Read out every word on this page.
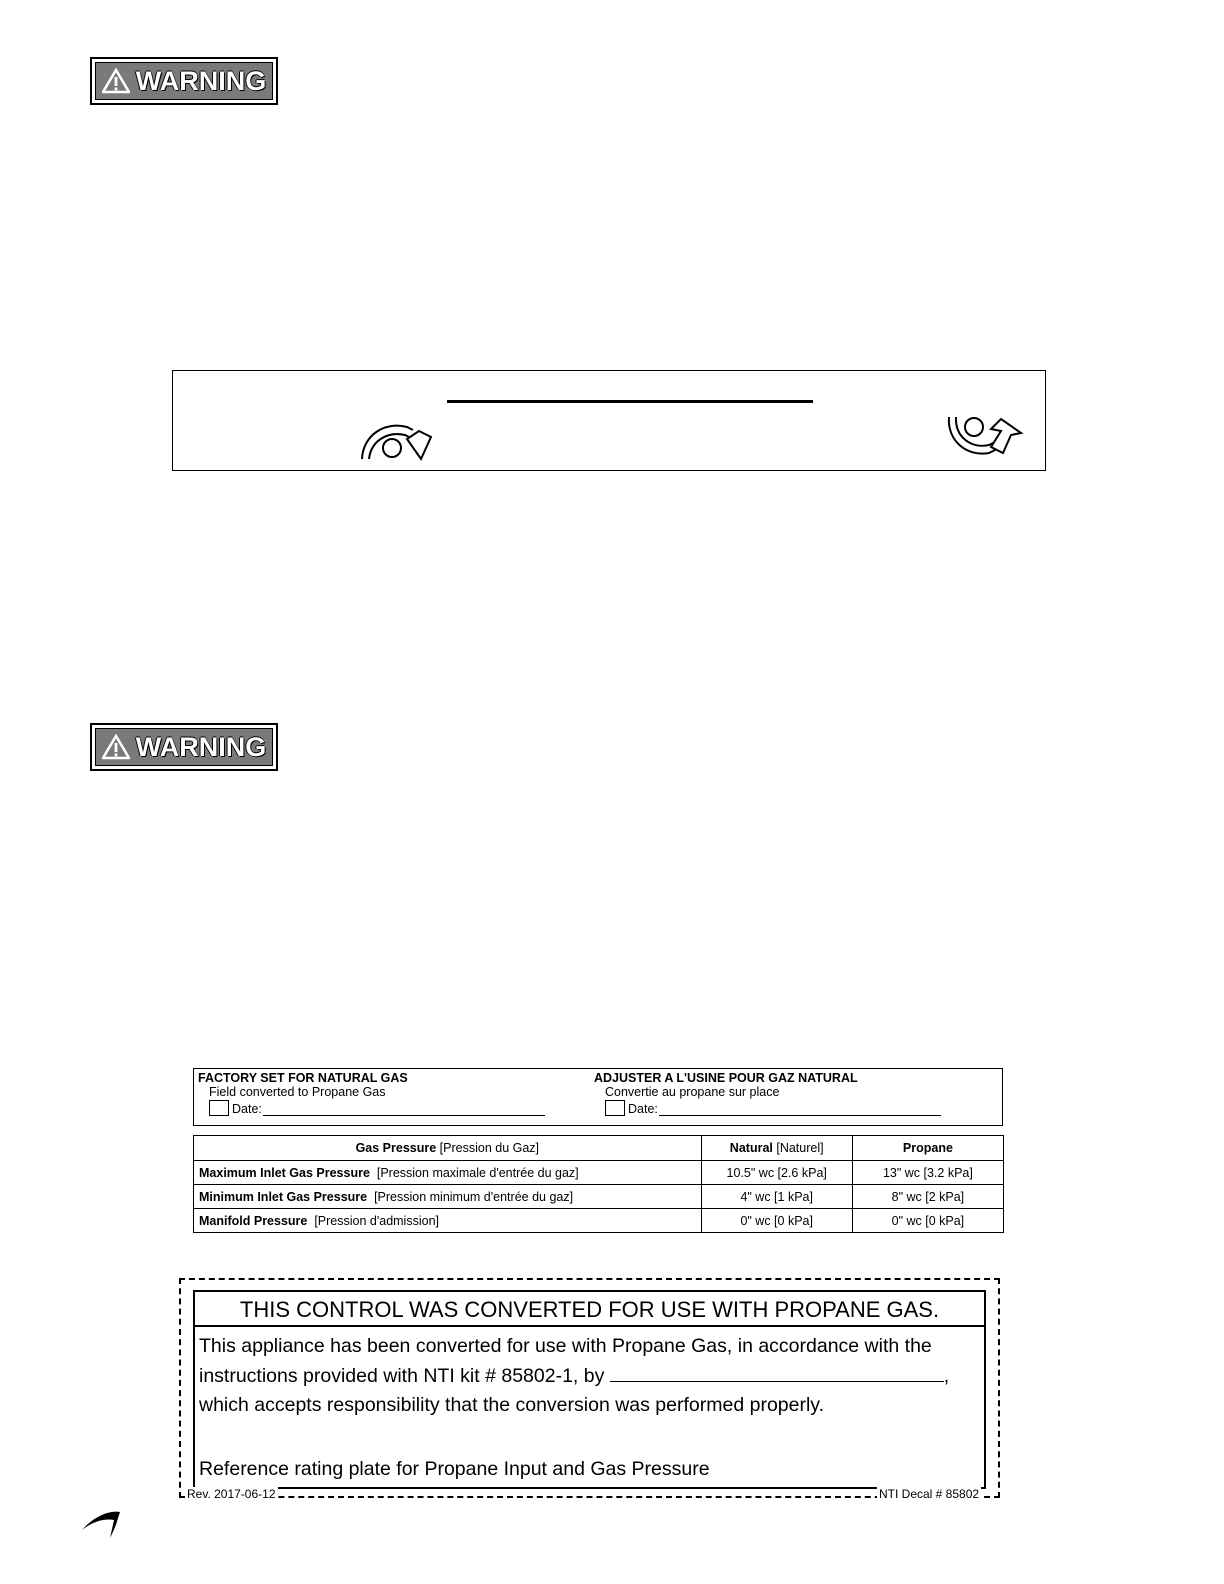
WARNING
WARNING
FACTORY SET FOR NATURAL GAS
Field converted to Propane Gas
Date:
ADJUSTER A L'USINE POUR GAZ NATURAL
Convertie au propane sur place
Date:
Gas Pressure [Pression du Gaz]	Natural [Naturel]	Propane
Maximum Inlet Gas Pressure [Pression maximale d'entrée du gaz]	10.5" wc [2.6 kPa]	13" wc [3.2 kPa]
Minimum Inlet Gas Pressure [Pression minimum d'entrée du gaz]	4" wc [1 kPa]	8" wc [2 kPa]
Manifold Pressure [Pression d'admission]	0" wc [0 kPa]	0" wc [0 kPa]
THIS CONTROL WAS CONVERTED FOR USE WITH PROPANE GAS.

This appliance has been converted for use with Propane Gas, in accordance with the

instructions provided with NTI kit # 85802-1, by	,

which accepts responsibility that the conversion was performed properly.

Reference rating plate for Propane Input and Gas Pressure
Rev. 2017-06-12	NTI Decal # 85802
